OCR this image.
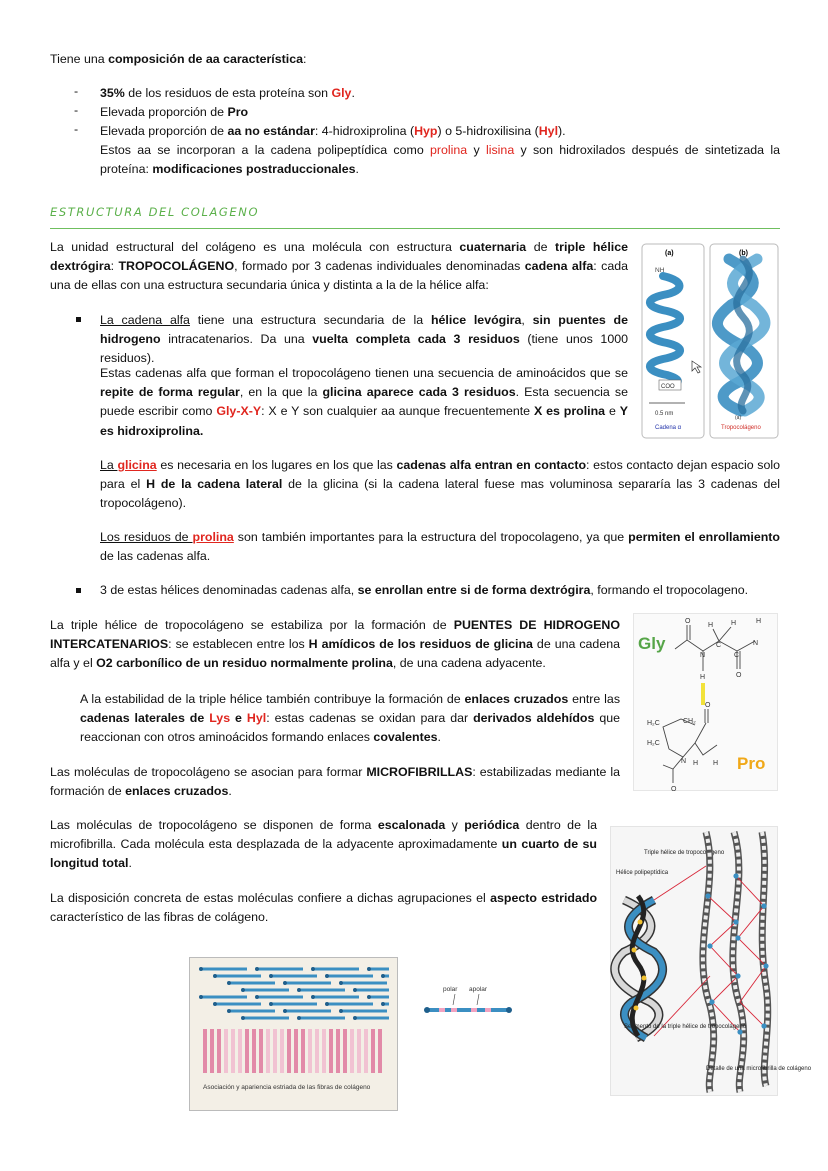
Tiene una composición de aa característica:
- 35% de los residuos de esta proteína son Gly.
- Elevada proporción de Pro
- Elevada proporción de aa no estándar: 4-hidroxiprolina (Hyp) o 5-hidroxilisina (Hyl).
Estos aa se incorporan a la cadena polipeptídica como prolina y lisina y son hidroxilados después de sintetizada la proteína: modificaciones postraduccionales.
ESTRUCTURA DEL COLAGENO
La unidad estructural del colágeno es una molécula con estructura cuaternaria de triple hélice dextrógira: TROPOCOLÁGENO, formado por 3 cadenas individuales denominadas cadena alfa: cada una de ellas con una estructura secundaria única y distinta a la de la hélice alfa:
La cadena alfa tiene una estructura secundaria de la hélice levógira, sin puentes de hidrogeno intracatenarios. Da una vuelta completa cada 3 residuos (tiene unos 1000 residuos).
Estas cadenas alfa que forman el tropocolágeno tienen una secuencia de aminoácidos que se repite de forma regular, en la que la glicina aparece cada 3 residuos. Esta secuencia se puede escribir como Gly-X-Y: X e Y son cualquier aa aunque frecuentemente X es prolina e Y es hidroxiprolina.
La glicina es necesaria en los lugares en los que las cadenas alfa entran en contacto: estos contacto dejan espacio solo para el H de la cadena lateral de la glicina (si la cadena lateral fuese mas voluminosa separaría las 3 cadenas del tropocolágeno).
Los residuos de prolina son también importantes para la estructura del tropocolageno, ya que permiten el enrollamiento de las cadenas alfa.
3 de estas hélices denominadas cadenas alfa, se enrollan entre si de forma dextrógira, formando el tropocolageno.
La triple hélice de tropocolágeno se estabiliza por la formación de PUENTES DE HIDROGENO INTERCATENARIOS: se establecen entre los H amídicos de los residuos de glicina de una cadena alfa y el O2 carbonílico de un residuo normalmente prolina, de una cadena adyacente.
A la estabilidad de la triple hélice también contribuye la formación de enlaces cruzados entre las cadenas laterales de Lys e Hyl: estas cadenas se oxidan para dar derivados aldehídos que reaccionan con otros aminoácidos formando enlaces covalentes.
Las moléculas de tropocolágeno se asocian para formar MICROFIBRILLAS: estabilizadas mediante la formación de enlaces cruzados.
Las moléculas de tropocolágeno se disponen de forma escalonada y periódica dentro de la microfibrilla. Cada molécula esta desplazada de la adyacente aproximadamente un cuarto de su longitud total.
La disposición concreta de estas moléculas confiere a dichas agrupaciones el aspecto estridado característico de las fibras de colágeno.
(a)	(b)
NH
COO
0.5 nm
Cadena α
(a)
Tropocolágeno
Gly
O
H	H	H
N
C
C
N
O
H
O
H₂C	CH₂
H₂C
N H H
O
Pro
Triple hélice de tropocolágeno
Hélice polipeptídica
Segmento de la triple hélice de tropocolágeno
Detalle de una microfibrilla de colágeno
Asociación y apariencia estriada de las fibras de colágeno
polar apolar
